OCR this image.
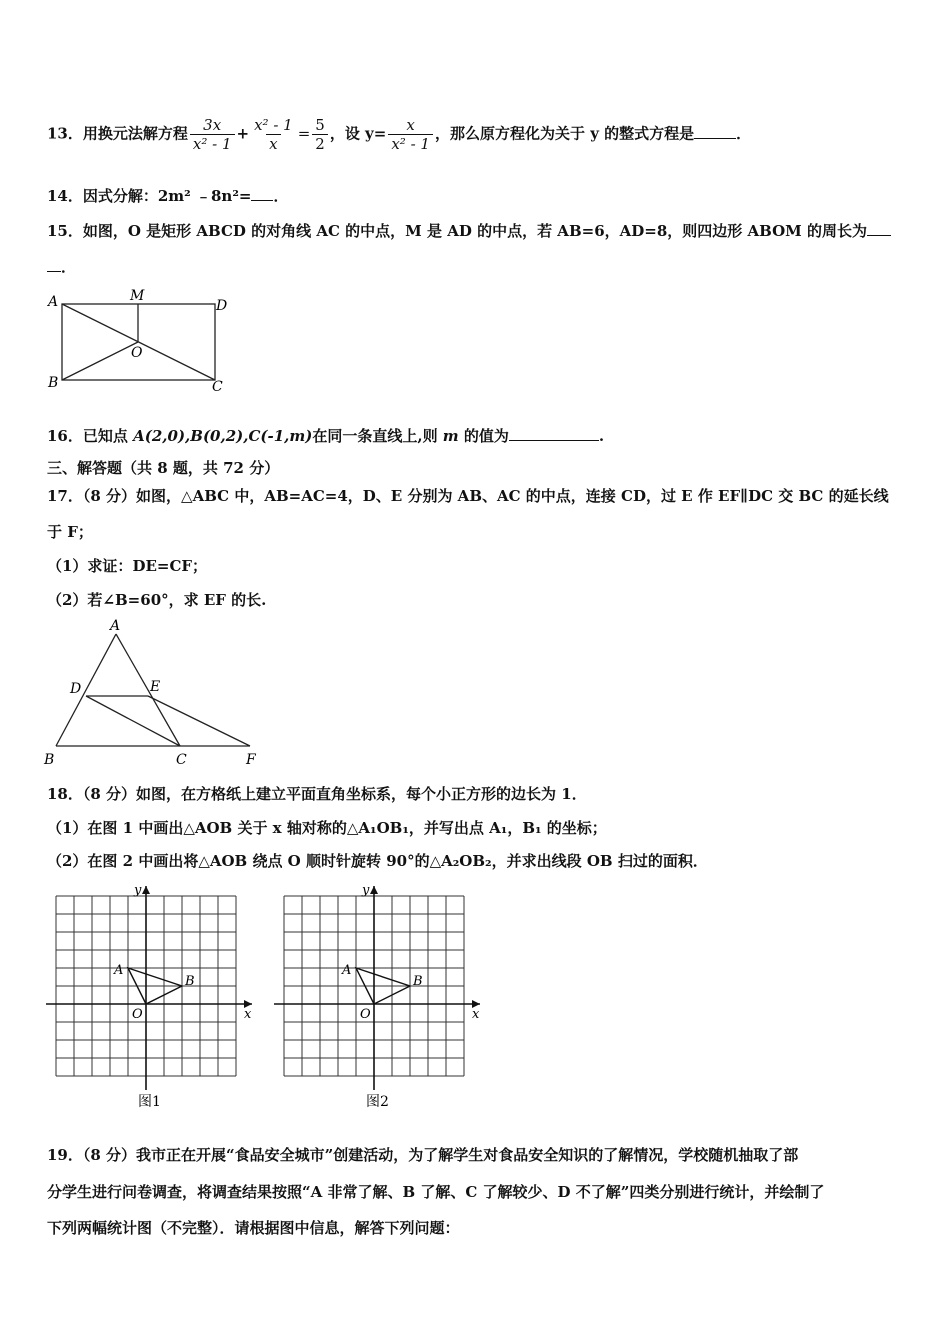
13．用换元法解方程 $\frac{3x}{\text{x² - 1}} + \frac{\text{x² - 1}}{x} = \frac{5}{2}$ ，设 $y= \frac{x}{\text{x² - 1}}$ ，那么原方程化为关于 y 的整式方程是	．
14．因式分解：2m² ﹣8n²= ．
15．如图，O 是矩形 ABCD 的对角线 AC 的中点，M 是 AD 的中点，若 AB=6，AD=8，则四边形 ABOM 的周长为
．
A	M
D
O
B	C
16．已知点 A(2,0),B(0,2),C(-1,m)在同一条直线上,则 m 的值为	.
三、解答题（共 8 题，共 72 分）
17．（8 分）如图，△ABC 中，AB=AC=4，D、E 分别为 AB、AC 的中点，连接 CD，过 E 作 EF∥DC 交 BC 的延长线
于 F；
（1）求证：DE=CF；
（2）若∠B=60°，求 EF 的长.
A
D	E
B	C	F
18．（8 分）如图，在方格纸上建立平面直角坐标系，每个小正方形的边长为 1．
（1）在图 1 中画出△AOB 关于 x 轴对称的△A₁OB₁，并写出点 A₁，B₁ 的坐标；
（2）在图 2 中画出将△AOB 绕点 O 顺时针旋转 90°的△A₂OB₂，并求出线段 OB 扫过的面积．
x
y
A
B
O
图1
x
y
A
B
O
图2
19．（8 分）我市正在开展“食品安全城市”创建活动，为了解学生对食品安全知识的了解情况，学校随机抽取了部
分学生进行问卷调查，将调查结果按照“A 非常了解、B 了解、C 了解较少、D 不了解”四类分别进行统计，并绘制了
下列两幅统计图（不完整）．请根据图中信息，解答下列问题：
